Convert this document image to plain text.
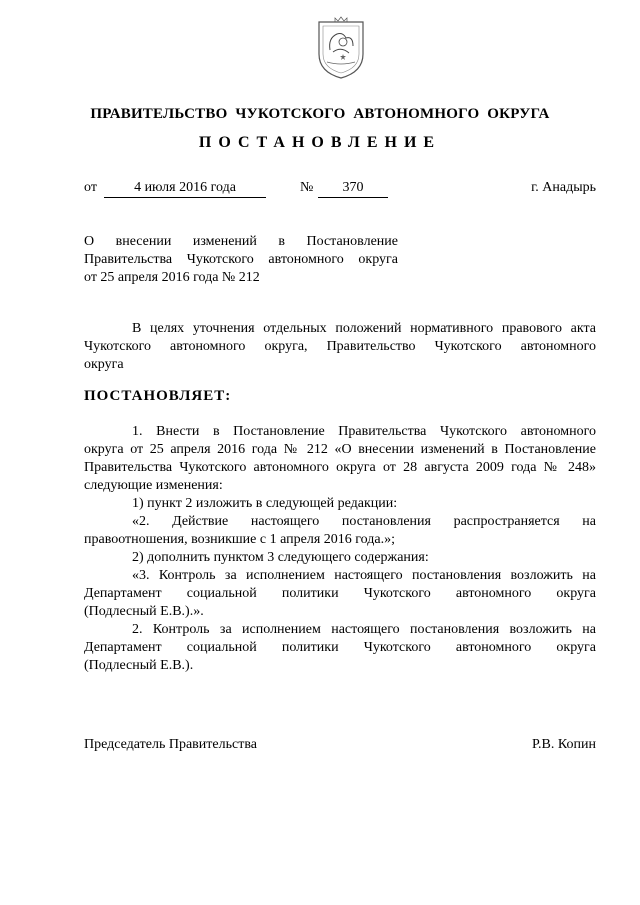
ПРАВИТЕЛЬСТВО ЧУКОТСКОГО АВТОНОМНОГО ОКРУГА
ПОСТАНОВЛЕНИЕ
от	4 июля 2016 года	№	370	г. Анадырь
О внесении изменений в Постановление
Правительства Чукотского автономного округа
от 25 апреля 2016 года № 212
В целях уточнения отдельных положений нормативного правового акта
Чукотского автономного округа, Правительство Чукотского автономного
округа
ПОСТАНОВЛЯЕТ:
1. Внести в Постановление Правительства Чукотского автономного
округа от 25 апреля 2016 года № 212 «О внесении изменений в Постановление
Правительства Чукотского автономного округа от 28 августа 2009 года № 248»
следующие изменения:
1) пункт 2 изложить в следующей редакции:
«2. Действие настоящего постановления распространяется на
правоотношения, возникшие с 1 апреля 2016 года.»;
2) дополнить пунктом 3 следующего содержания:
«3. Контроль за исполнением настоящего постановления возложить на
Департамент социальной политики Чукотского автономного округа
(Подлесный Е.В.).».
2. Контроль за исполнением настоящего постановления возложить на
Департамент социальной политики Чукотского автономного округа
(Подлесный Е.В.).
Председатель Правительства	Р.В. Копин
